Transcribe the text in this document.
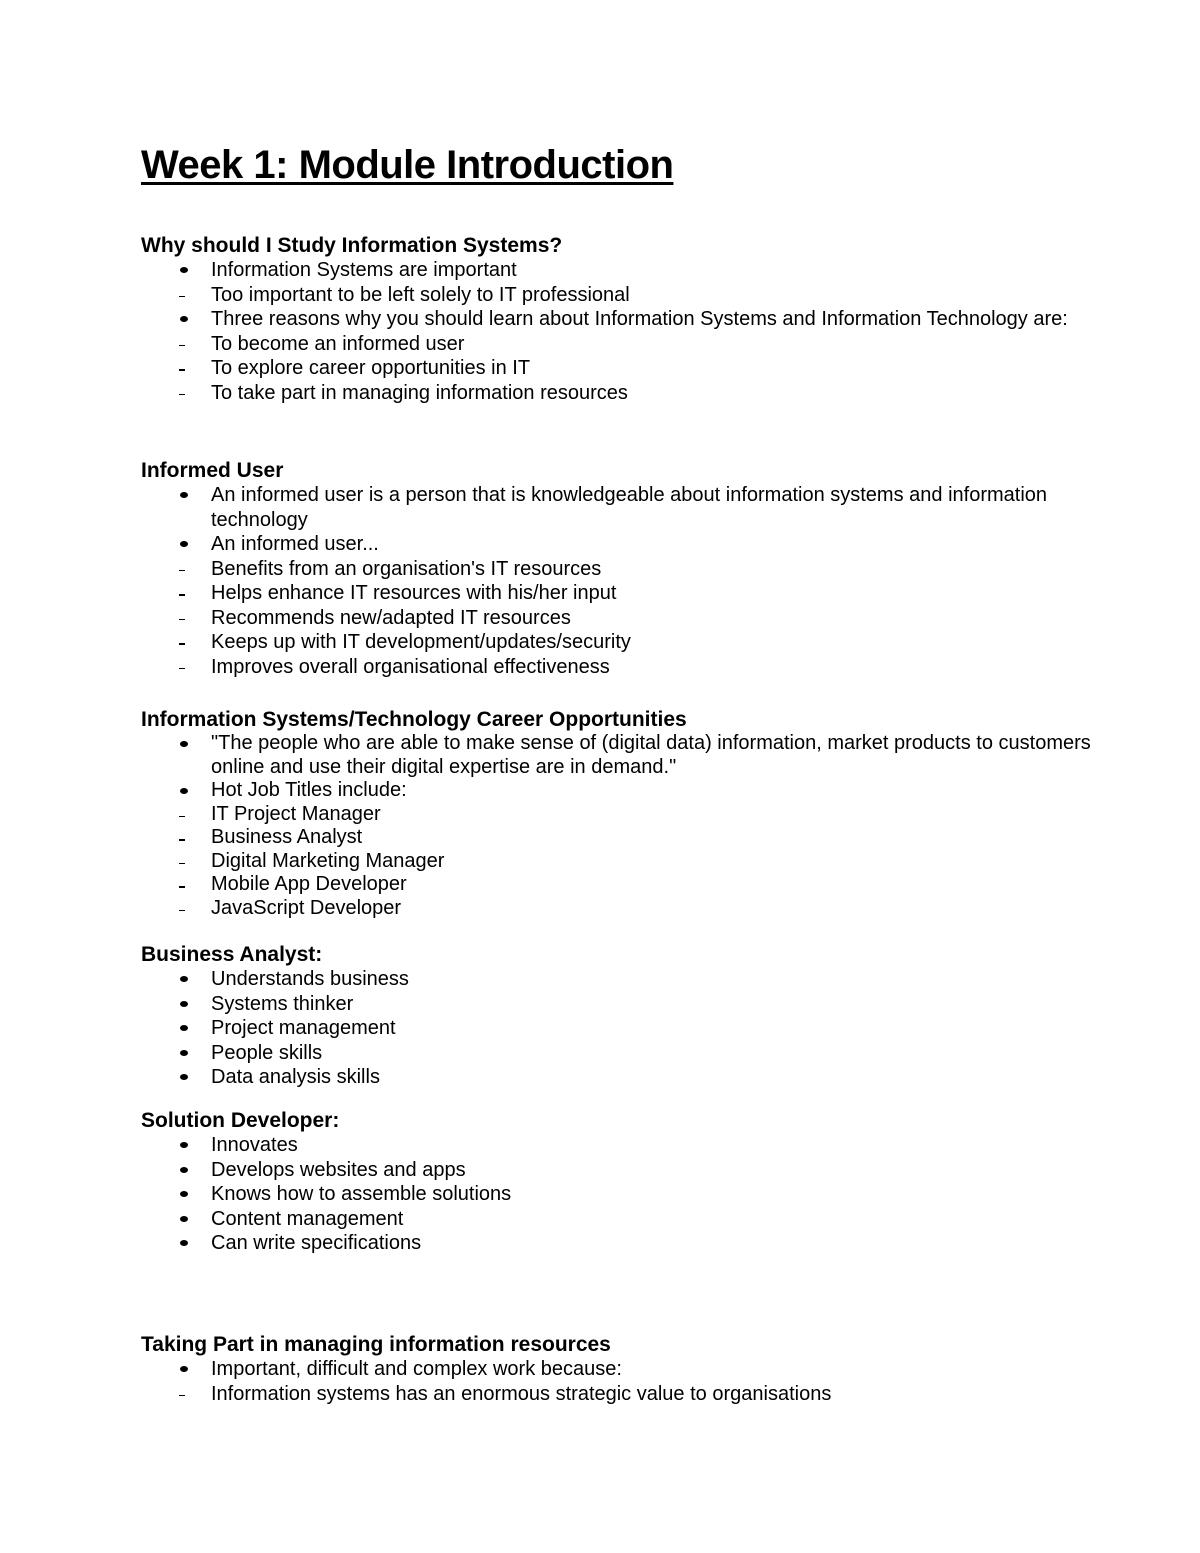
Week 1: Module Introduction
Why should I Study Information Systems?
Information Systems are important
Too important to be left solely to IT professional
Three reasons why you should learn about Information Systems and Information Technology are:
To become an informed user
To explore career opportunities in IT
To take part in managing information resources
Informed User
An informed user is a person that is knowledgeable about information systems and information technology
An informed user...
Benefits from an organisation's IT resources
Helps enhance IT resources with his/her input
Recommends new/adapted IT resources
Keeps up with IT development/updates/security
Improves overall organisational effectiveness
Information Systems/Technology Career Opportunities
"The people who are able to make sense of (digital data) information, market products to customers online and use their digital expertise are in demand."
Hot Job Titles include:
IT Project Manager
Business Analyst
Digital Marketing Manager
Mobile App Developer
JavaScript Developer
Business Analyst:
Understands business
Systems thinker
Project management
People skills
Data analysis skills
Solution Developer:
Innovates
Develops websites and apps
Knows how to assemble solutions
Content management
Can write specifications
Taking Part in managing information resources
Important, difficult and complex work because:
Information systems has an enormous strategic value to organisations
